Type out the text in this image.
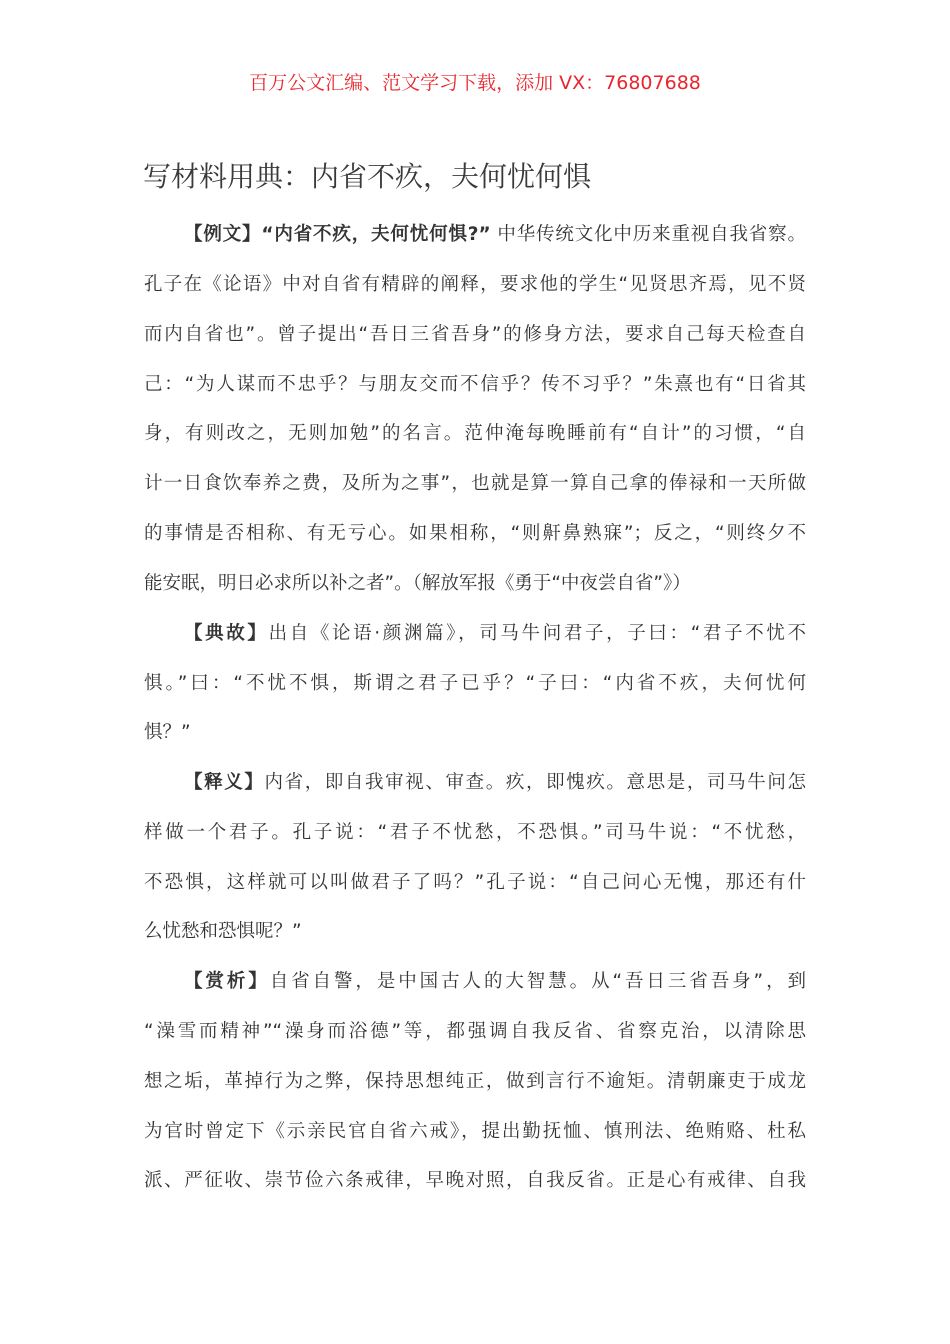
百万公文汇编、范文学习下载，添加 VX：76807688
写材料用典：内省不疚，夫何忧何惧
【例文】“内省不疚，夫何忧何惧?” 中华传统文化中历来重视自我省察。
孔子在《论语》中对自省有精辟的阐释，要求他的学生“见贤思齐焉，见不贤
而内自省也”。曾子提出“吾日三省吾身”的修身方法，要求自己每天检查自
己：“为人谋而不忠乎？与朋友交而不信乎？传不习乎？”朱熹也有“日省其
身，有则改之，无则加勉”的名言。范仲淹每晚睡前有“自计”的习惯，“自
计一日食饮奉养之费，及所为之事”，也就是算一算自己拿的俸禄和一天所做
的事情是否相称、有无亏心。如果相称，“则鼾鼻熟寐”；反之，“则终夕不
能安眠，明日必求所以补之者”。（解放军报《勇于“中夜尝自省”》）
【典故】出自《论语·颜渊篇》，司马牛问君子，子曰：“君子不忧不
惧。”曰：“不忧不惧，斯谓之君子已乎？“子曰：“内省不疚，夫何忧何
惧？”
【释义】内省，即自我审视、审查。疚，即愧疚。意思是，司马牛问怎
样做一个君子。孔子说：“君子不忧愁，不恐惧。”司马牛说：“不忧愁，
不恐惧，这样就可以叫做君子了吗？”孔子说：“自己问心无愧，那还有什
么忧愁和恐惧呢？”
【赏析】自省自警，是中国古人的大智慧。从“吾日三省吾身”，到
“澡雪而精神”“澡身而浴德”等，都强调自我反省、省察克治，以清除思
想之垢，革掉行为之弊，保持思想纯正，做到言行不逾矩。清朝廉吏于成龙
为官时曾定下《示亲民官自省六戒》，提出勤抚恤、慎刑法、绝贿赂、杜私
派、严征收、崇节俭六条戒律，早晚对照，自我反省。正是心有戒律、自我
